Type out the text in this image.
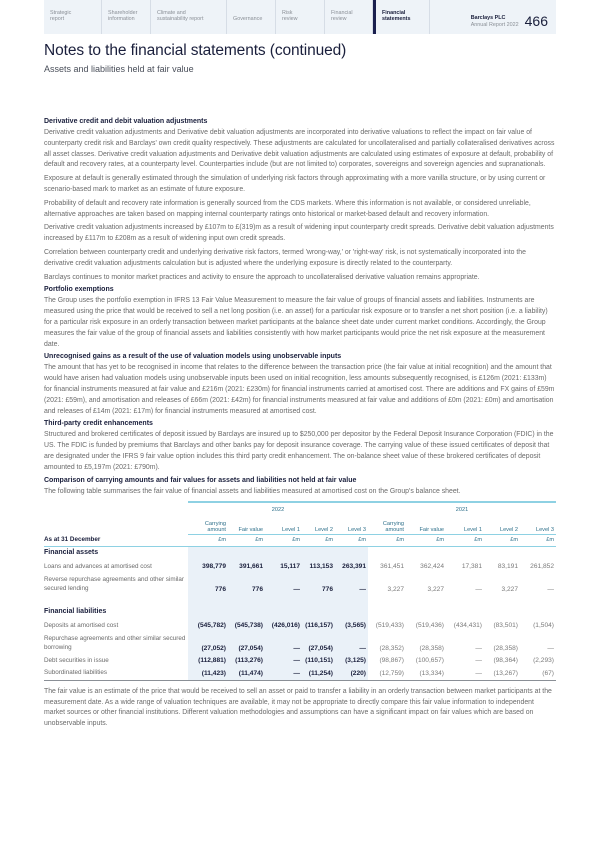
Strategic
report
Shareholder
information
Climate and
sustainability report	Governance
Risk
review
Financial
review
Financial
statements	Barclays PLC
Annual Report 2022 466
Notes to the financial statements (continued)
Assets and liabilities held at fair value
Derivative credit and debit valuation adjustments

Derivative credit valuation adjustments and Derivative debit valuation adjustments are incorporated into derivative valuations to reflect the impact on fair value of counterparty credit risk and Barclays' own credit quality respectively. These adjustments are calculated for uncollateralised and partially collateralised derivatives across all asset classes. Derivative credit valuation adjustments and Derivative debit valuation adjustments are calculated using estimates of exposure at default, probability of default and recovery rates, at a counterparty level. Counterparties include (but are not limited to) corporates, sovereigns and sovereign agencies and supranationals.

Exposure at default is generally estimated through the simulation of underlying risk factors through approximating with a more vanilla structure, or by using current or scenario-based mark to market as an estimate of future exposure.

Probability of default and recovery rate information is generally sourced from the CDS markets. Where this information is not available, or considered unreliable, alternative approaches are taken based on mapping internal counterparty ratings onto historical or market-based default and recovery information.

Derivative credit valuation adjustments increased by £107m to £(319)m as a result of widening input counterparty credit spreads. Derivative debit valuation adjustments increased by £117m to £208m as a result of widening input own credit spreads.

Correlation between counterparty credit and underlying derivative risk factors, termed 'wrong-way,' or 'right-way' risk, is not systematically incorporated into the derivative credit valuation adjustments calculation but is adjusted where the underlying exposure is directly related to the counterparty.

Barclays continues to monitor market practices and activity to ensure the approach to uncollateralised derivative valuation remains appropriate.

Portfolio exemptions

The Group uses the portfolio exemption in IFRS 13 Fair Value Measurement to measure the fair value of groups of financial assets and liabilities. Instruments are measured using the price that would be received to sell a net long position (i.e. an asset) for a particular risk exposure or to transfer a net short position (i.e. a liability) for a particular risk exposure in an orderly transaction between market participants at the balance sheet date under current market conditions. Accordingly, the Group measures the fair value of the group of financial assets and liabilities consistently with how market participants would price the net risk exposure at the measurement date.

Unrecognised gains as a result of the use of valuation models using unobservable inputs

The amount that has yet to be recognised in income that relates to the difference between the transaction price (the fair value at initial recognition) and the amount that would have arisen had valuation models using unobservable inputs been used on initial recognition, less amounts subsequently recognised, is £126m (2021: £133m) for financial instruments measured at fair value and £216m (2021: £230m) for financial instruments carried at amortised cost. There are additions and FX gains of £59m (2021: £59m), and amortisation and releases of £66m (2021: £42m) for financial instruments measured at fair value and additions of £0m (2021: £0m) and amortisation and releases of £14m (2021: £17m) for financial instruments measured at amortised cost.

Third-party credit enhancements

Structured and brokered certificates of deposit issued by Barclays are insured up to $250,000 per depositor by the Federal Deposit Insurance Corporation (FDIC) in the US. The FDIC is funded by premiums that Barclays and other banks pay for deposit insurance coverage. The carrying value of these issued certificates of deposit that are designated under the IFRS 9 fair value option includes this third party credit enhancement. The on-balance sheet value of these brokered certificates of deposit amounted to £5,197m (2021: £790m).

Comparison of carrying amounts and fair values for assets and liabilities not held at fair value

The following table summarises the fair value of financial assets and liabilities measured at amortised cost on the Group's balance sheet.

	2022					2021				
	Carrying amount	Fair value	Level 1	Level 2	Level 3	Carrying amount	Fair value	Level 1	Level 2	Level 3
As at 31 December	£m	£m	£m	£m	£m	£m	£m	£m	£m	£m
Financial assets										
Loans and advances at amortised cost	398,779	391,661	15,117	113,153	263,391	361,451	362,424	17,381	83,191	261,852
Reverse repurchase agreements and other similar secured lending	776	776	—	776	—	3,227	3,227	—	3,227	—

Financial liabilities										
Deposits at amortised cost	(545,782)	(545,738)	(426,016)	(116,157)	(3,565)	(519,433)	(519,436)	(434,431)	(83,501)	(1,504)
Repurchase agreements and other similar secured borrowing	(27,052)	(27,054)	—	(27,054)	—	(28,352)	(28,358)	—	(28,358)	—
Debt securities in issue	(112,881)	(113,276)	—	(110,151)	(3,125)	(98,867)	(100,657)	—	(98,364)	(2,293)
Subordinated liabilities	(11,423)	(11,474)	—	(11,254)	(220)	(12,759)	(13,334)	—	(13,267)	(67)

The fair value is an estimate of the price that would be received to sell an asset or paid to transfer a liability in an orderly transaction between market participants at the measurement date. As a wide range of valuation techniques are available, it may not be appropriate to directly compare this fair value information to independent market sources or other financial institutions. Different valuation methodologies and assumptions can have a significant impact on fair values which are based on unobservable inputs.
